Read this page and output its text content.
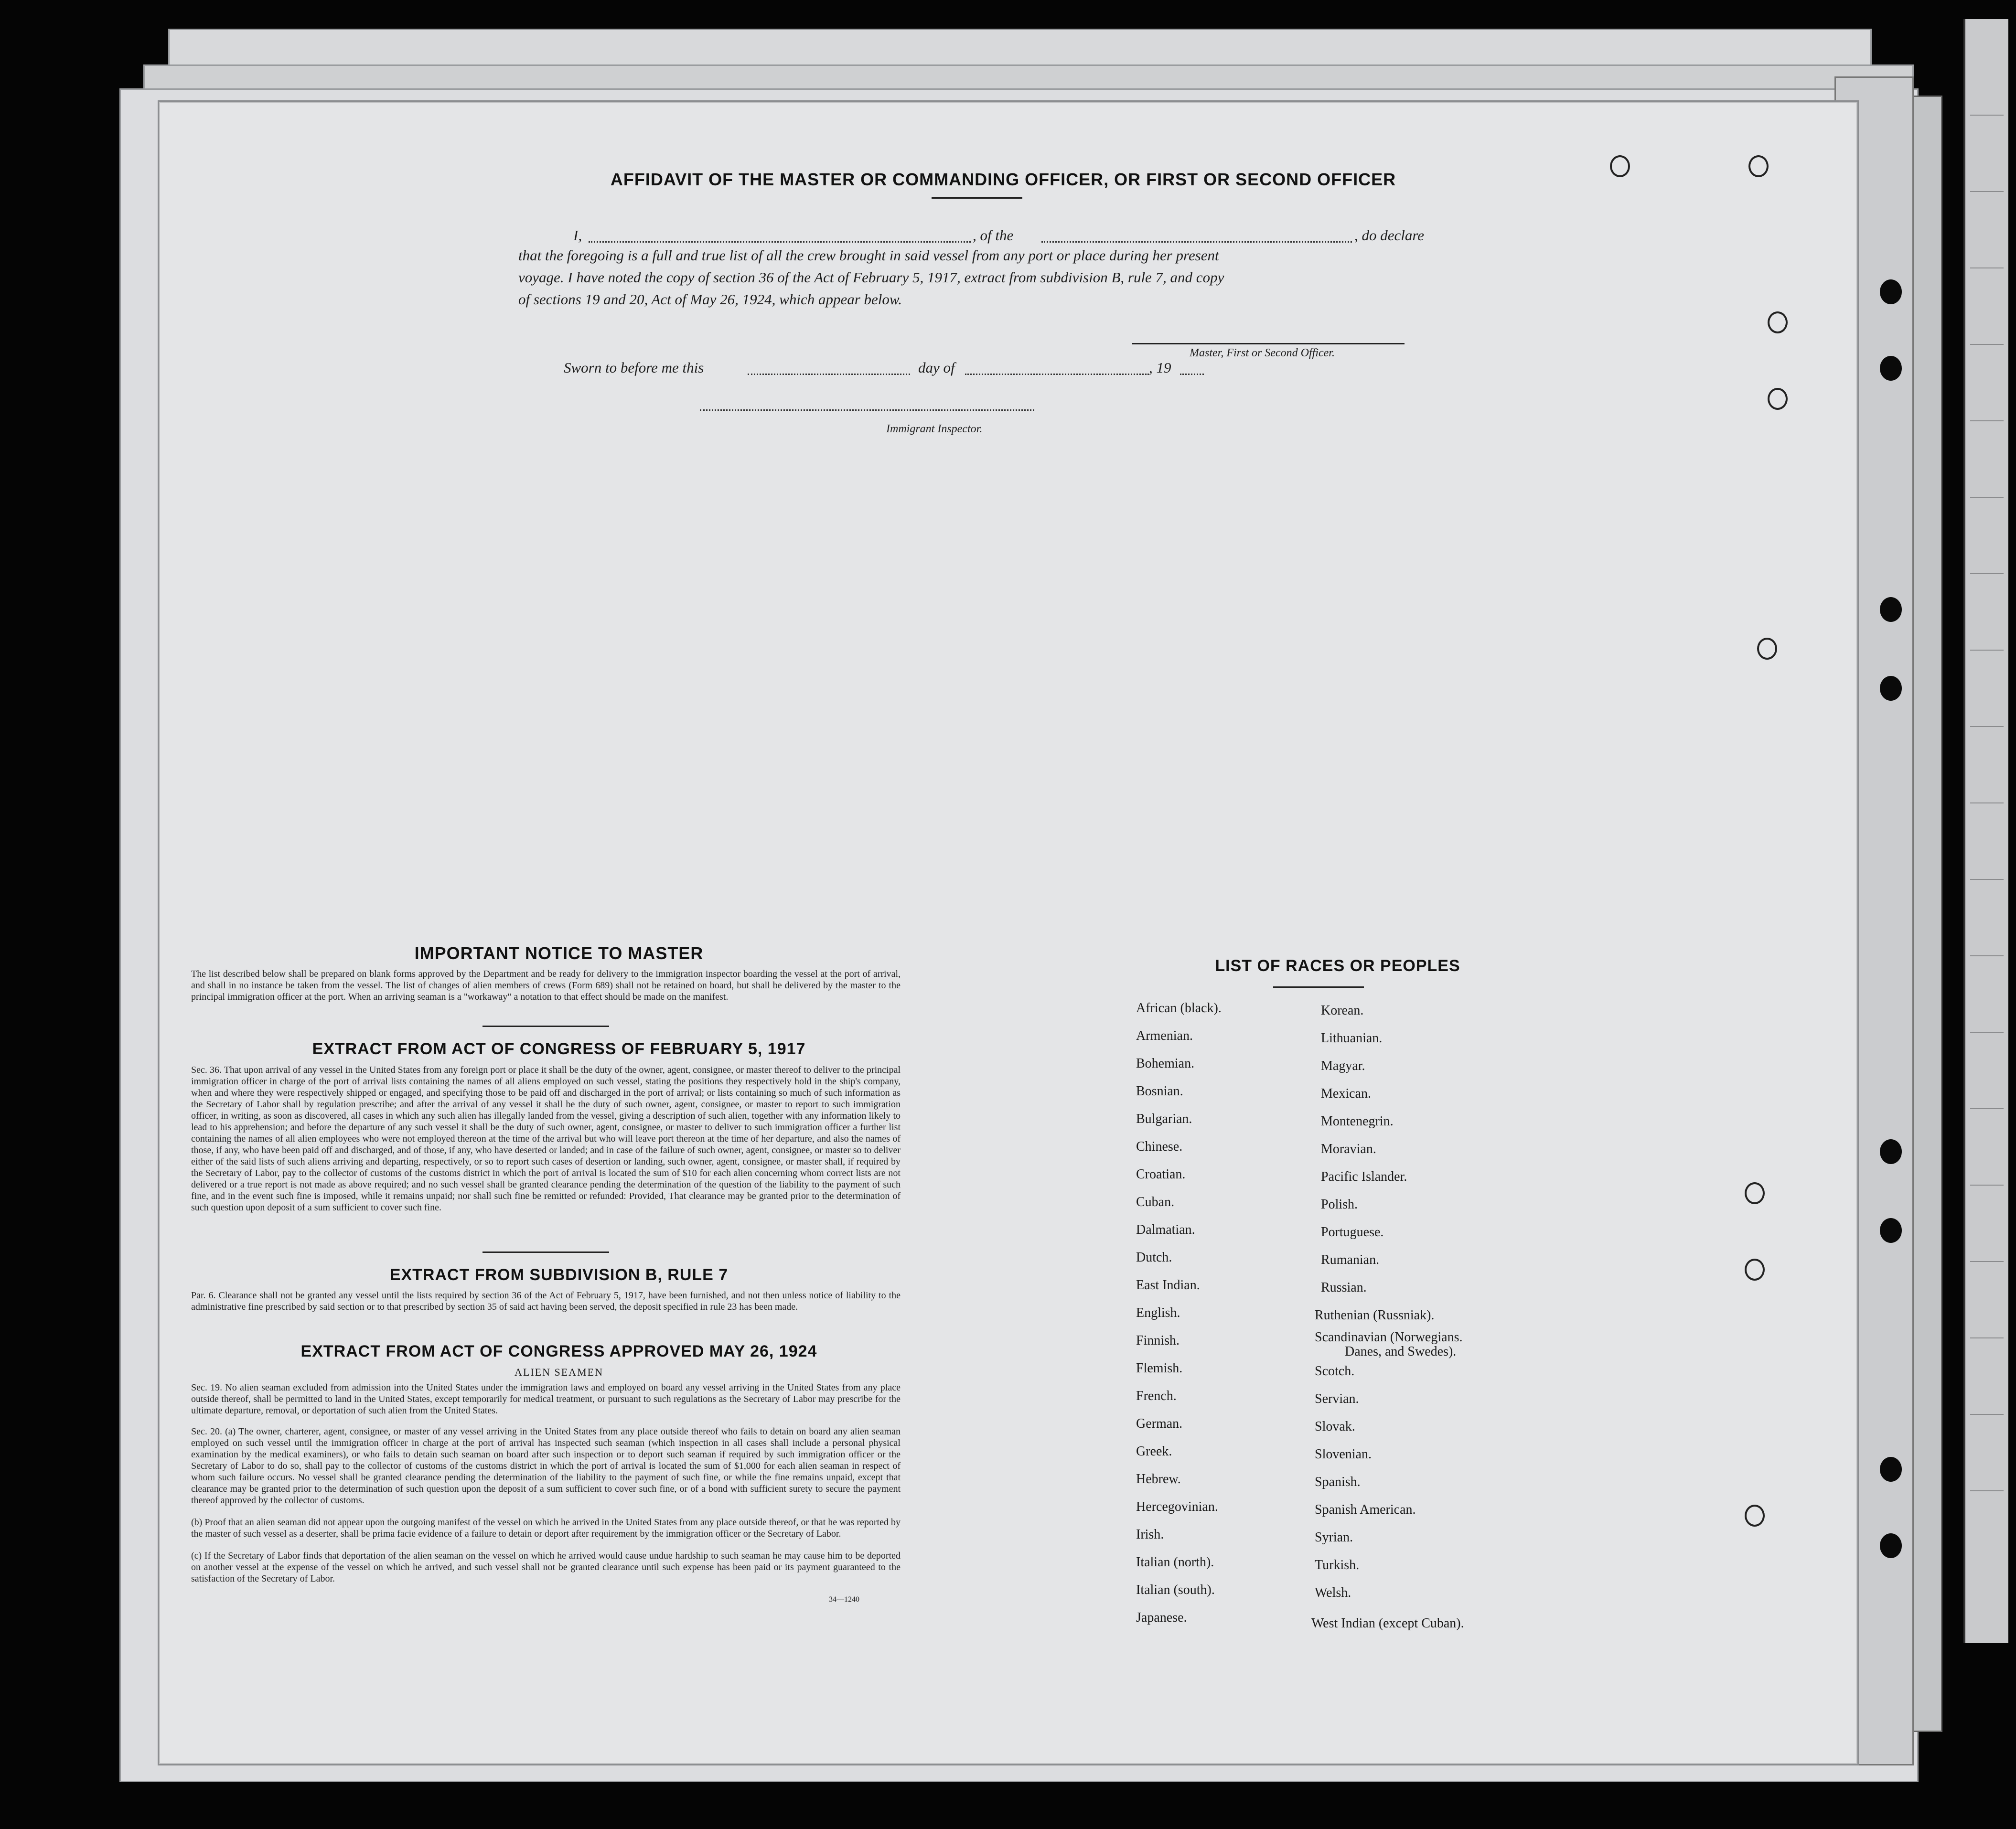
AFFIDAVIT OF THE MASTER OR COMMANDING OFFICER, OR FIRST OR SECOND OFFICER
I,	, of the	, do declare
that the foregoing is a full and true list of all the crew brought in said vessel from any port or place during her present
voyage. I have noted the copy of section 36 of the Act of February 5, 1917, extract from subdivision B, rule 7, and copy
of sections 19 and 20, Act of May 26, 1924, which appear below.
Master, First or Second Officer.
Sworn to before me this	day of	, 19
Immigrant Inspector.
IMPORTANT NOTICE TO MASTER
The list described below shall be prepared on blank forms approved by the Department and be ready for delivery to the immigration inspector boarding the vessel at the port of arrival, and shall in no instance be taken from the vessel. The list of changes of alien members of crews (Form 689) shall not be retained on board, but shall be delivered by the master to the principal immigration officer at the port. When an arriving seaman is a "workaway" a notation to that effect should be made on the manifest.
EXTRACT FROM ACT OF CONGRESS OF FEBRUARY 5, 1917
Sec. 36. That upon arrival of any vessel in the United States from any foreign port or place it shall be the duty of the owner, agent, consignee, or master thereof to deliver to the principal immigration officer in charge of the port of arrival lists containing the names of all aliens employed on such vessel, stating the positions they respectively hold in the ship's company, when and where they were respectively shipped or engaged, and specifying those to be paid off and discharged in the port of arrival; or lists containing so much of such information as the Secretary of Labor shall by regulation prescribe; and after the arrival of any vessel it shall be the duty of such owner, agent, consignee, or master to report to such immigration officer, in writing, as soon as discovered, all cases in which any such alien has illegally landed from the vessel, giving a description of such alien, together with any information likely to lead to his apprehension; and before the departure of any such vessel it shall be the duty of such owner, agent, consignee, or master to deliver to such immigration officer a further list containing the names of all alien employees who were not employed thereon at the time of the arrival but who will leave port thereon at the time of her departure, and also the names of those, if any, who have been paid off and discharged, and of those, if any, who have deserted or landed; and in case of the failure of such owner, agent, consignee, or master so to deliver either of the said lists of such aliens arriving and departing, respectively, or so to report such cases of desertion or landing, such owner, agent, consignee, or master shall, if required by the Secretary of Labor, pay to the collector of customs of the customs district in which the port of arrival is located the sum of $10 for each alien concerning whom correct lists are not delivered or a true report is not made as above required; and no such vessel shall be granted clearance pending the determination of the question of the liability to the payment of such fine, and in the event such fine is imposed, while it remains unpaid; nor shall such fine be remitted or refunded: Provided, That clearance may be granted prior to the determination of such question upon deposit of a sum sufficient to cover such fine.
EXTRACT FROM SUBDIVISION B, RULE 7
Par. 6. Clearance shall not be granted any vessel until the lists required by section 36 of the Act of February 5, 1917, have been furnished, and not then unless notice of liability to the administrative fine prescribed by said section or to that prescribed by section 35 of said act having been served, the deposit specified in rule 23 has been made.
EXTRACT FROM ACT OF CONGRESS APPROVED MAY 26, 1924
ALIEN SEAMEN
Sec. 19. No alien seaman excluded from admission into the United States under the immigration laws and employed on board any vessel arriving in the United States from any place outside thereof, shall be permitted to land in the United States, except temporarily for medical treatment, or pursuant to such regulations as the Secretary of Labor may prescribe for the ultimate departure, removal, or deportation of such alien from the United States.
Sec. 20. (a) The owner, charterer, agent, consignee, or master of any vessel arriving in the United States from any place outside thereof who fails to detain on board any alien seaman employed on such vessel until the immigration officer in charge at the port of arrival has inspected such seaman (which inspection in all cases shall include a personal physical examination by the medical examiners), or who fails to detain such seaman on board after such inspection or to deport such seaman if required by such immigration officer or the Secretary of Labor to do so, shall pay to the collector of customs of the customs district in which the port of arrival is located the sum of $1,000 for each alien seaman in respect of whom such failure occurs. No vessel shall be granted clearance pending the determination of the liability to the payment of such fine, or while the fine remains unpaid, except that clearance may be granted prior to the determination of such question upon the deposit of a sum sufficient to cover such fine, or of a bond with sufficient surety to secure the payment thereof approved by the collector of customs.
(b) Proof that an alien seaman did not appear upon the outgoing manifest of the vessel on which he arrived in the United States from any place outside thereof, or that he was reported by the master of such vessel as a deserter, shall be prima facie evidence of a failure to detain or deport after requirement by the immigration officer or the Secretary of Labor.
(c) If the Secretary of Labor finds that deportation of the alien seaman on the vessel on which he arrived would cause undue hardship to such seaman he may cause him to be deported on another vessel at the expense of the vessel on which he arrived, and such vessel shall not be granted clearance until such expense has been paid or its payment guaranteed to the satisfaction of the Secretary of Labor.
34—1240
LIST OF RACES OR PEOPLES
African (black).
Armenian.
Bohemian.
Bosnian.
Bulgarian.
Chinese.
Croatian.
Cuban.
Dalmatian.
Dutch.
East Indian.
English.
Finnish.
Flemish.
French.
German.
Greek.
Hebrew.
Hercegovinian.
Irish.
Italian (north).
Italian (south).
Japanese.
Korean.
Lithuanian.
Magyar.
Mexican.
Montenegrin.
Moravian.
Pacific Islander.
Polish.
Portuguese.
Rumanian.
Russian.
Ruthenian (Russniak).
Scandinavian (Norwegians.
Danes, and Swedes).
Scotch.
Servian.
Slovak.
Slovenian.
Spanish.
Spanish American.
Syrian.
Turkish.
Welsh.
West Indian (except Cuban).
